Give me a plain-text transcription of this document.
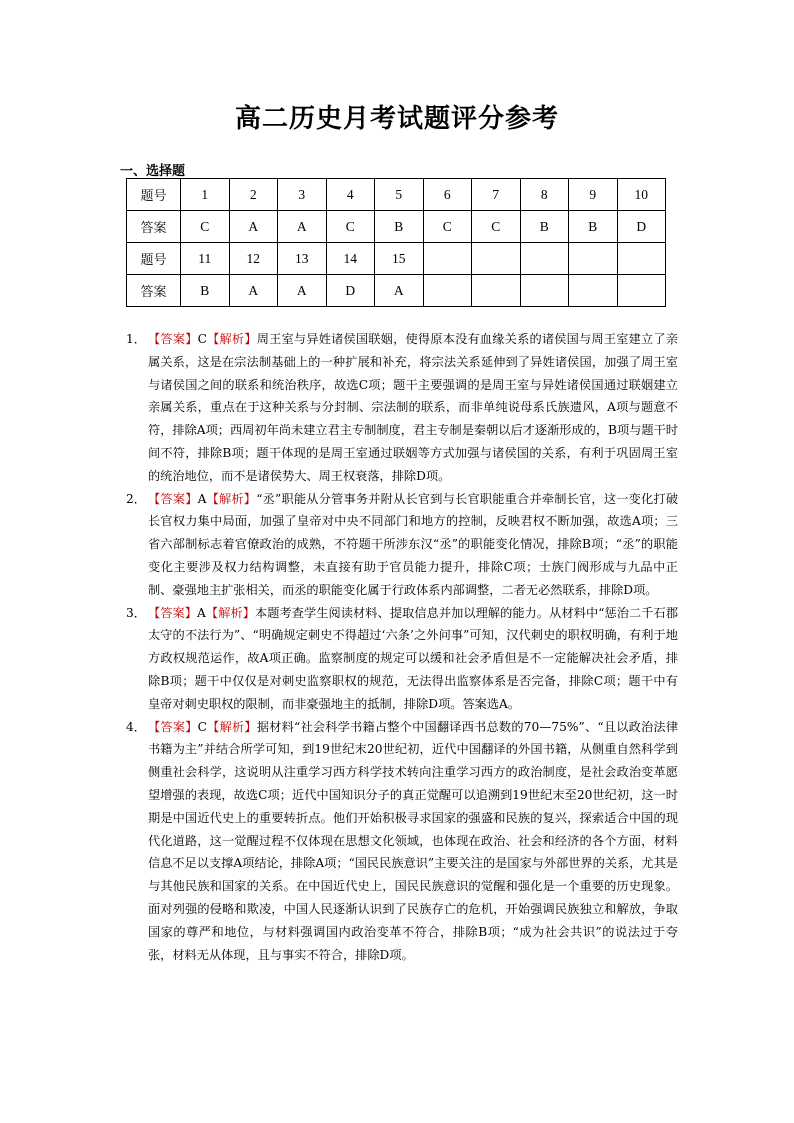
高二历史月考试题评分参考
一、选择题
题号	1	2	3	4	5	6	7	8	9	10
答案	C	A	A	C	B	C	C	B	B	D
题号	11	12	13	14	15					
答案	B	A	A	D	A					
1． 【答案】C【解析】周王室与异姓诸侯国联姻，使得原本没有血缘关系的诸侯国与周王室建立了亲属关系，这是在宗法制基础上的一种扩展和补充，将宗法关系延伸到了异姓诸侯国，加强了周王室与诸侯国之间的联系和统治秩序，故选C项；题干主要强调的是周王室与异姓诸侯国通过联姻建立亲属关系，重点在于这种关系与分封制、宗法制的联系，而非单纯说母系氏族遗风，A项与题意不符，排除A项；西周初年尚未建立君主专制制度，君主专制是秦朝以后才逐渐形成的，B项与题干时间不符，排除B项；题干体现的是周王室通过联姻等方式加强与诸侯国的关系，有利于巩固周王室的统治地位，而不是诸侯势大、周王权衰落，排除D项。
2． 【答案】A【解析】“丞”职能从分管事务并附从长官到与长官职能重合并牵制长官，这一变化打破长官权力集中局面，加强了皇帝对中央不同部门和地方的控制，反映君权不断加强，故选A项；三省六部制标志着官僚政治的成熟，不符题干所涉东汉“丞”的职能变化情况，排除B项；“丞”的职能变化主要涉及权力结构调整，未直接有助于官员能力提升，排除C项；士族门阀形成与九品中正制、豪强地主扩张相关，而丞的职能变化属于行政体系内部调整，二者无必然联系，排除D项。
3． 【答案】A【解析】本题考查学生阅读材料、提取信息并加以理解的能力。从材料中“惩治二千石郡太守的不法行为”、“明确规定刺史不得超过‘六条’之外问事”可知，汉代刺史的职权明确，有利于地方政权规范运作，故A项正确。监察制度的规定可以缓和社会矛盾但是不一定能解决社会矛盾，排除B项；题干中仅仅是对刺史监察职权的规范，无法得出监察体系是否完备，排除C项；题干中有皇帝对刺史职权的限制，而非豪强地主的抵制，排除D项。答案选A。
4． 【答案】C【解析】据材料“社会科学书籍占整个中国翻译西书总数的70—75%”、“且以政治法律书籍为主”并结合所学可知，到19世纪末20世纪初，近代中国翻译的外国书籍，从侧重自然科学到侧重社会科学，这说明从注重学习西方科学技术转向注重学习西方的政治制度，是社会政治变革愿望增强的表现，故选C项；近代中国知识分子的真正觉醒可以追溯到19世纪末至20世纪初，这一时期是中国近代史上的重要转折点。他们开始积极寻求国家的强盛和民族的复兴，探索适合中国的现代化道路，这一觉醒过程不仅体现在思想文化领域，也体现在政治、社会和经济的各个方面，材料信息不足以支撑A项结论，排除A项；“国民民族意识”主要关注的是国家与外部世界的关系，尤其是与其他民族和国家的关系。在中国近代史上，国民民族意识的觉醒和强化是一个重要的历史现象。面对列强的侵略和欺凌，中国人民逐渐认识到了民族存亡的危机，开始强调民族独立和解放，争取国家的尊严和地位，与材料强调国内政治变革不符合，排除B项；“成为社会共识”的说法过于夸张，材料无从体现，且与事实不符合，排除D项。
